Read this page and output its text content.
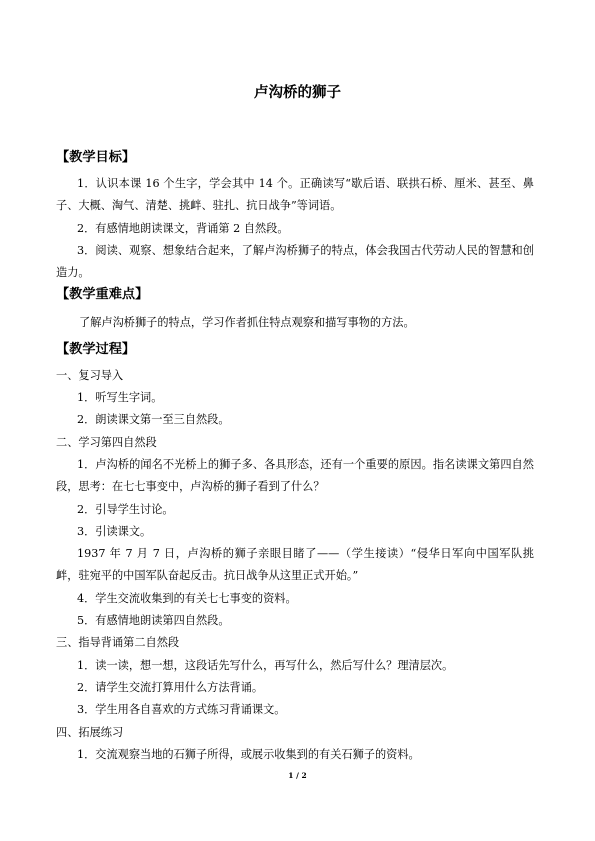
卢沟桥的狮子
【教学目标】

1．认识本课 16 个生字，学会其中 14 个。正确读写“歇后语、联拱石桥、厘米、甚至、鼻子、大概、淘气、清楚、挑衅、驻扎、抗日战争”等词语。

2．有感情地朗读课文，背诵第 2 自然段。

3．阅读、观察、想象结合起来，了解卢沟桥狮子的特点，体会我国古代劳动人民的智慧和创造力。

【教学重难点】

了解卢沟桥狮子的特点，学习作者抓住特点观察和描写事物的方法。

【教学过程】

一、复习导入

1．听写生字词。

2．朗读课文第一至三自然段。

二、学习第四自然段

1．卢沟桥的闻名不光桥上的狮子多、各具形态，还有一个重要的原因。指名读课文第四自然段，思考：在七七事变中，卢沟桥的狮子看到了什么？

2．引导学生讨论。

3．引读课文。

1937 年 7 月 7 日，卢沟桥的狮子亲眼目睹了——（学生接读）“侵华日军向中国军队挑衅，驻宛平的中国军队奋起反击。抗日战争从这里正式开始。”

4．学生交流收集到的有关七七事变的资料。

5．有感情地朗读第四自然段。

三、指导背诵第二自然段

1．读一读，想一想，这段话先写什么，再写什么，然后写什么？理清层次。

2．请学生交流打算用什么方法背诵。

3．学生用各自喜欢的方式练习背诵课文。

四、拓展练习

1．交流观察当地的石狮子所得，或展示收集到的有关石狮子的资料。

1 / 2
